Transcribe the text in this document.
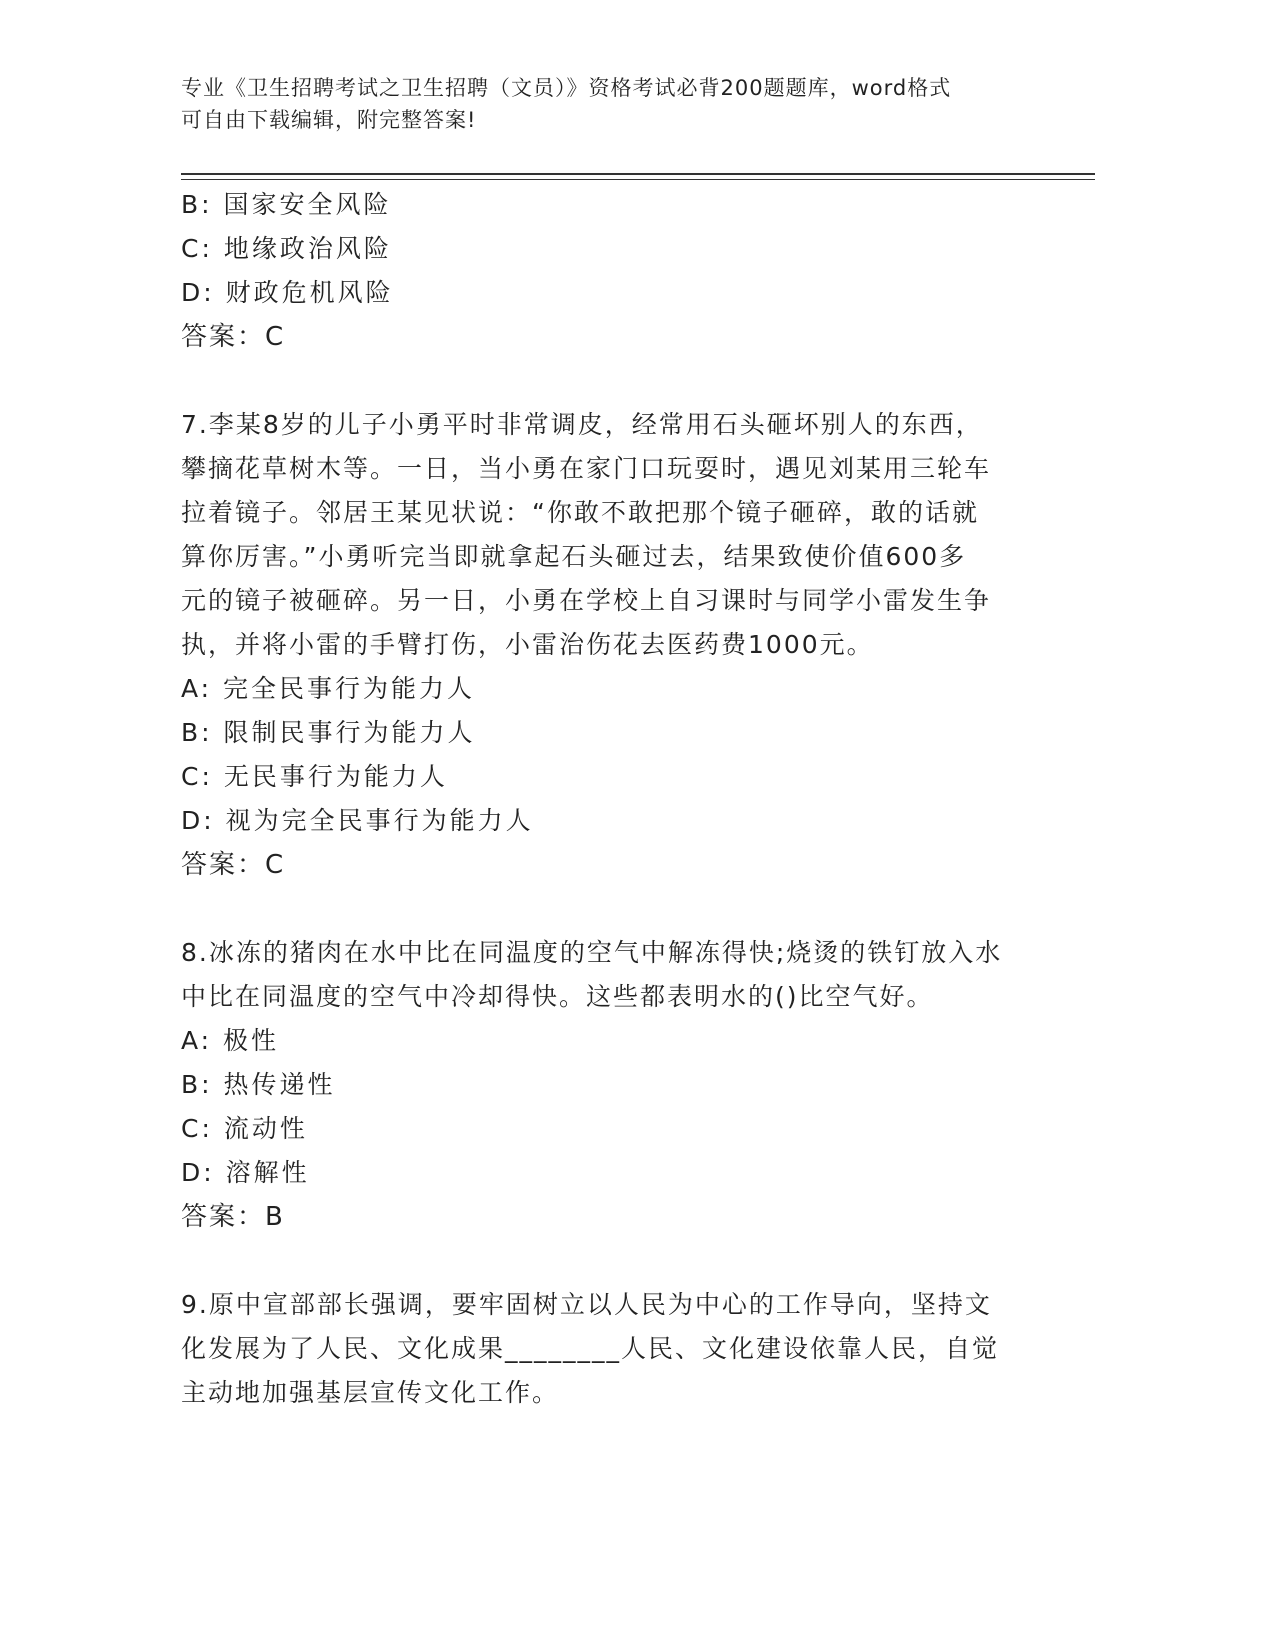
专业《卫生招聘考试之卫生招聘（文员）》资格考试必背200题题库，word格式
可自由下载编辑，附完整答案!
B: 国家安全风险
C: 地缘政治风险
D: 财政危机风险
答案：C
7.李某8岁的儿子小勇平时非常调皮，经常用石头砸坏别人的东西，
攀摘花草树木等。一日，当小勇在家门口玩耍时，遇见刘某用三轮车
拉着镜子。邻居王某见状说：“你敢不敢把那个镜子砸碎，敢的话就
算你厉害。”小勇听完当即就拿起石头砸过去，结果致使价值600多
元的镜子被砸碎。另一日，小勇在学校上自习课时与同学小雷发生争
执，并将小雷的手臂打伤，小雷治伤花去医药费1000元。
A: 完全民事行为能力人
B: 限制民事行为能力人
C: 无民事行为能力人
D: 视为完全民事行为能力人
答案：C
8.冰冻的猪肉在水中比在同温度的空气中解冻得快;烧烫的铁钉放入水
中比在同温度的空气中冷却得快。这些都表明水的()比空气好。
A: 极性
B: 热传递性
C: 流动性
D: 溶解性
答案：B
9.原中宣部部长强调，要牢固树立以人民为中心的工作导向，坚持文
化发展为了人民、文化成果________人民、文化建设依靠人民，自觉
主动地加强基层宣传文化工作。
